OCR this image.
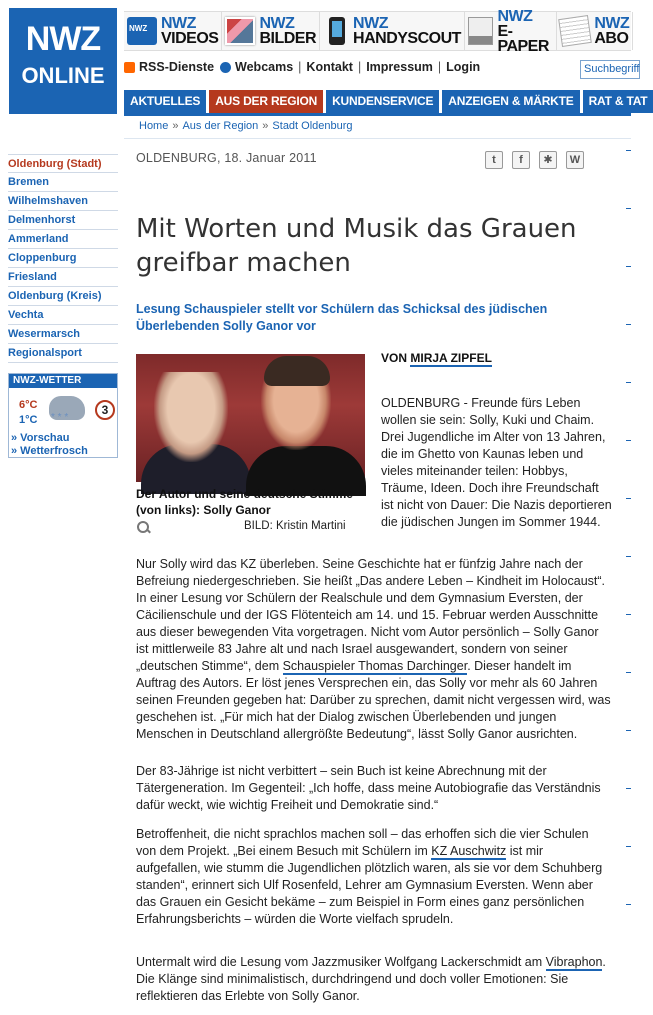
NWZ
ONLINE
NWZ
NWZ
VIDEOS
NWZ
BILDER
NWZ
HANDYSCOUT
NWZ
E-PAPER
NWZ
ABO
RSS-Dienste Webcams | Kontakt | Impressum | Login	Suchbegriff
AKTUELLES	AUS DER REGION	KUNDENSERVICE	ANZEIGEN & MÄRKTE	RAT & TAT
Home » Aus der Region » Stadt Oldenburg
Oldenburg (Stadt)
Bremen
Wilhelmshaven
Delmenhorst
Ammerland
Cloppenburg
Friesland
Oldenburg (Kreis)
Vechta
Wesermarsch
Regionalsport
NWZ-WETTER
6°C
1°C
* * *
3
» Vorschau
» Wetterfrosch
OLDENBURG, 18. Januar 2011	t	f	✱	W
Mit Worten und Musik das Grauen greifbar machen
Lesung Schauspieler stellt vor Schülern das Schicksal des jüdischen Überlebenden Solly Ganor vor
Der Autor und seine deutsche Stimme (von links): Solly Ganor
BILD: Kristin Martini
VON MIRJA ZIPFEL
OLDENBURG - Freunde fürs Leben wollen sie sein: Solly, Kuki und Chaim. Drei Jugendliche im Alter von 13 Jahren, die im Ghetto von Kaunas leben und vieles miteinander teilen: Hobbys, Träume, Ideen. Doch ihre Freundschaft ist nicht von Dauer: Die Nazis deportieren die jüdischen Jungen im Sommer 1944.
Nur Solly wird das KZ überleben. Seine Geschichte hat er fünfzig Jahre nach der Befreiung niedergeschrieben. Sie heißt „Das andere Leben – Kindheit im Holocaust“. In einer Lesung vor Schülern der Realschule und dem Gymnasium Eversten, der Cäcilienschule und der IGS Flötenteich am 14. und 15. Februar werden Ausschnitte aus dieser bewegenden Vita vorgetragen. Nicht vom Autor persönlich – Solly Ganor ist mittlerweile 83 Jahre alt und nach Israel ausgewandert, sondern von seiner „deutschen Stimme“, dem Schauspieler Thomas Darchinger. Dieser handelt im Auftrag des Autors. Er löst jenes Versprechen ein, das Solly vor mehr als 60 Jahren seinen Freunden gegeben hat: Darüber zu sprechen, damit nicht vergessen wird, was geschehen ist. „Für mich hat der Dialog zwischen Überlebenden und jungen Menschen in Deutschland allergrößte Bedeutung“, lässt Solly Ganor ausrichten.
Der 83-Jährige ist nicht verbittert – sein Buch ist keine Abrechnung mit der Tätergeneration. Im Gegenteil: „Ich hoffe, dass meine Autobiografie das Verständnis dafür weckt, wie wichtig Freiheit und Demokratie sind.“
Betroffenheit, die nicht sprachlos machen soll – das erhoffen sich die vier Schulen von dem Projekt. „Bei einem Besuch mit Schülern im KZ Auschwitz ist mir aufgefallen, wie stumm die Jugendlichen plötzlich waren, als sie vor dem Schuhberg standen“, erinnert sich Ulf Rosenfeld, Lehrer am Gymnasium Eversten. Wenn aber das Grauen ein Gesicht bekäme – zum Beispiel in Form eines ganz persönlichen Erfahrungsberichts – würden die Worte vielfach sprudeln.
Untermalt wird die Lesung vom Jazzmusiker Wolfgang Lackerschmidt am Vibraphon. Die Klänge sind minimalistisch, durchdringend und doch voller Emotionen: Sie reflektieren das Erlebte von Solly Ganor.
